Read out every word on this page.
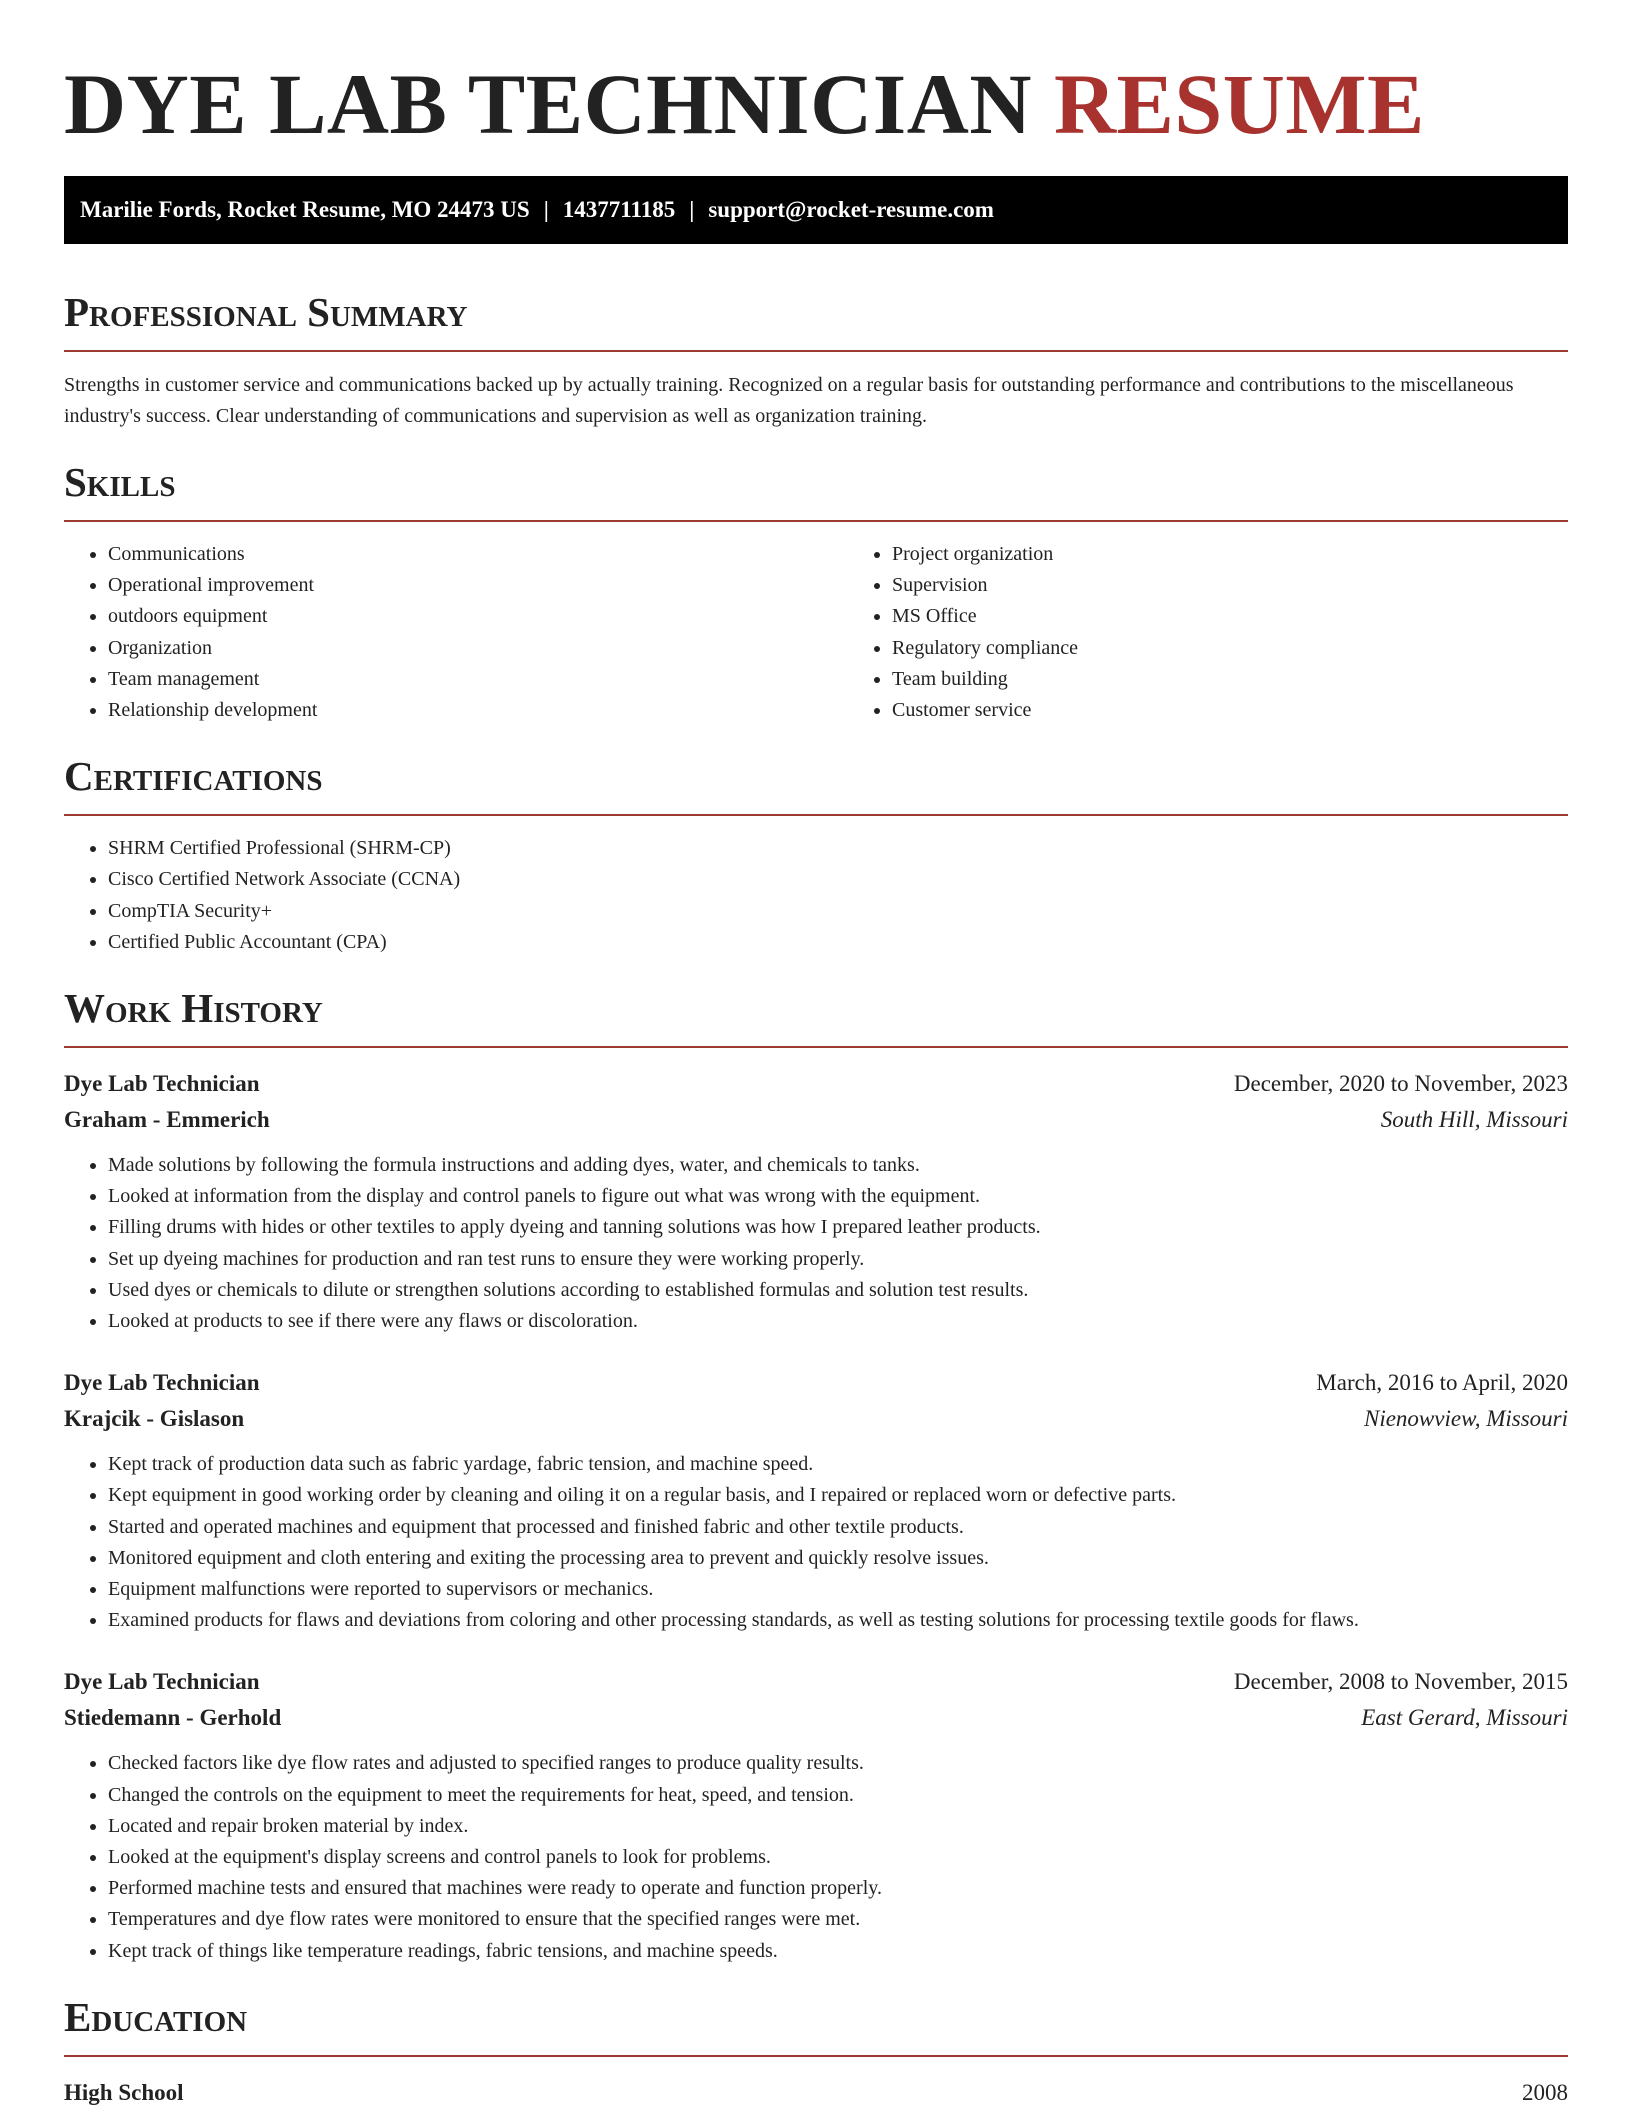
DYE LAB TECHNICIAN RESUME
Marilie Fords, Rocket Resume, MO 24473 US | 1437711185 | support@rocket-resume.com
Professional Summary

Strengths in customer service and communications backed up by actually training. Recognized on a regular basis for outstanding performance and contributions to the miscellaneous industry's success. Clear understanding of communications and supervision as well as organization training.

Skills
• Communications
• Operational improvement
• outdoors equipment
• Organization
• Team management
• Relationship development
• Project organization
• Supervision
• MS Office
• Regulatory compliance
• Team building
• Customer service
Certifications
• SHRM Certified Professional (SHRM-CP)
• Cisco Certified Network Associate (CCNA)
• CompTIA Security+
• Certified Public Accountant (CPA)
Work History
Dye Lab Technician	December, 2020 to November, 2023
Graham - Emmerich	South Hill, Missouri
• Made solutions by following the formula instructions and adding dyes, water, and chemicals to tanks.
• Looked at information from the display and control panels to figure out what was wrong with the equipment.
• Filling drums with hides or other textiles to apply dyeing and tanning solutions was how I prepared leather products.
• Set up dyeing machines for production and ran test runs to ensure they were working properly.
• Used dyes or chemicals to dilute or strengthen solutions according to established formulas and solution test results.
• Looked at products to see if there were any flaws or discoloration.
Dye Lab Technician	March, 2016 to April, 2020
Krajcik - Gislason	Nienowview, Missouri
• Kept track of production data such as fabric yardage, fabric tension, and machine speed.
• Kept equipment in good working order by cleaning and oiling it on a regular basis, and I repaired or replaced worn or defective parts.
• Started and operated machines and equipment that processed and finished fabric and other textile products.
• Monitored equipment and cloth entering and exiting the processing area to prevent and quickly resolve issues.
• Equipment malfunctions were reported to supervisors or mechanics.
• Examined products for flaws and deviations from coloring and other processing standards, as well as testing solutions for processing textile goods for flaws.
Dye Lab Technician	December, 2008 to November, 2015
Stiedemann - Gerhold	East Gerard, Missouri
• Checked factors like dye flow rates and adjusted to specified ranges to produce quality results.
• Changed the controls on the equipment to meet the requirements for heat, speed, and tension.
• Located and repair broken material by index.
• Looked at the equipment's display screens and control panels to look for problems.
• Performed machine tests and ensured that machines were ready to operate and function properly.
• Temperatures and dye flow rates were monitored to ensure that the specified ranges were met.
• Kept track of things like temperature readings, fabric tensions, and machine speeds.
Education
High School	2008
